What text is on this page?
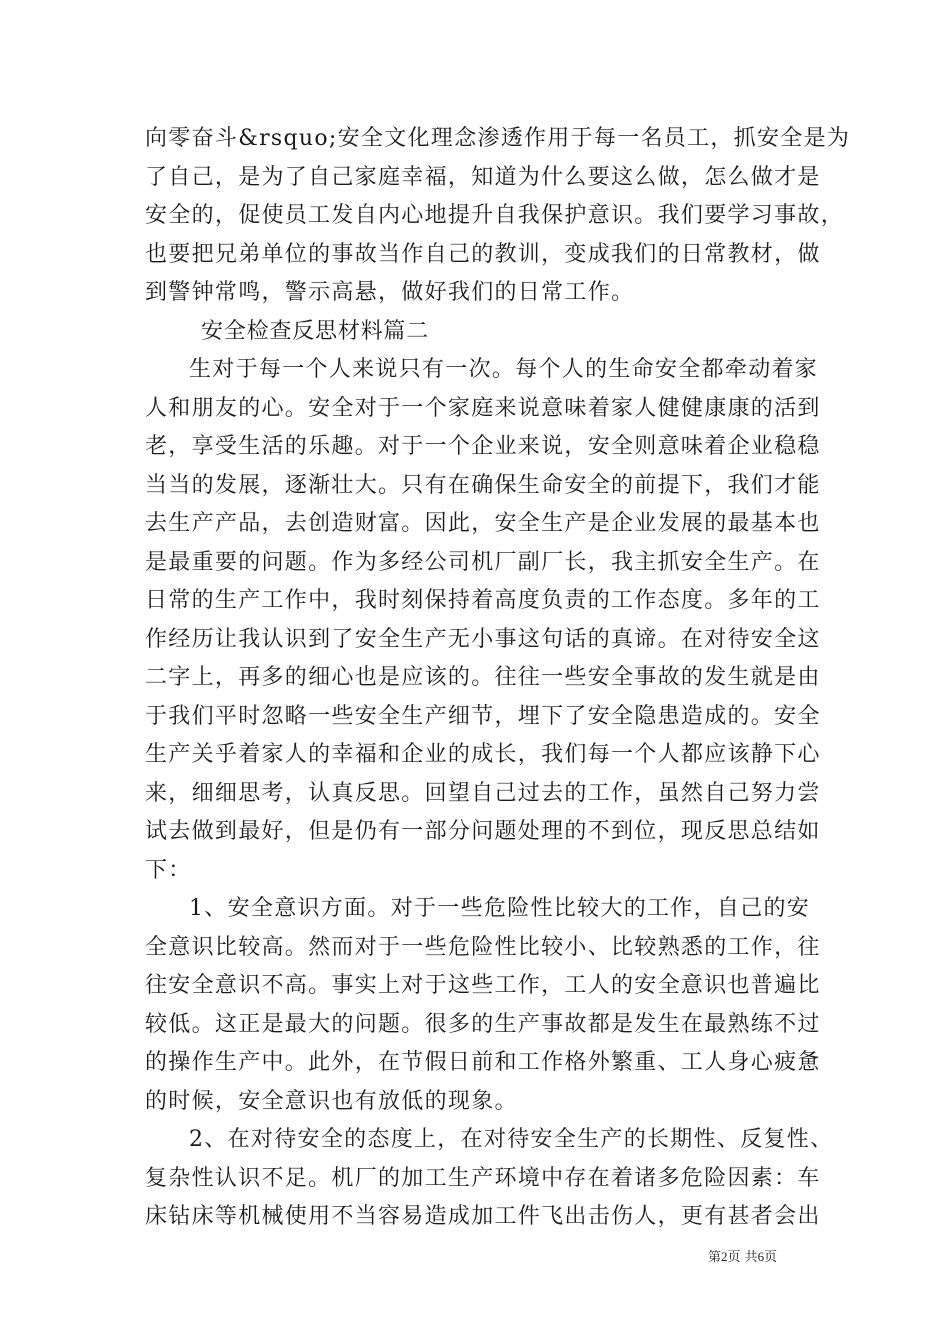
向零奋斗&rsquo;安全文化理念渗透作用于每一名员工，抓安全是为
了自己，是为了自己家庭幸福，知道为什么要这么做，怎么做才是
安全的，促使员工发自内心地提升自我保护意识。我们要学习事故，
也要把兄弟单位的事故当作自己的教训，变成我们的日常教材，做
到警钟常鸣，警示高悬，做好我们的日常工作。
安全检查反思材料篇二
生对于每一个人来说只有一次。每个人的生命安全都牵动着家
人和朋友的心。安全对于一个家庭来说意味着家人健健康康的活到
老，享受生活的乐趣。对于一个企业来说，安全则意味着企业稳稳
当当的发展，逐渐壮大。只有在确保生命安全的前提下，我们才能
去生产产品，去创造财富。因此，安全生产是企业发展的最基本也
是最重要的问题。作为多经公司机厂副厂长，我主抓安全生产。在
日常的生产工作中，我时刻保持着高度负责的工作态度。多年的工
作经历让我认识到了安全生产无小事这句话的真谛。在对待安全这
二字上，再多的细心也是应该的。往往一些安全事故的发生就是由
于我们平时忽略一些安全生产细节，埋下了安全隐患造成的。安全
生产关乎着家人的幸福和企业的成长，我们每一个人都应该静下心
来，细细思考，认真反思。回望自己过去的工作，虽然自己努力尝
试去做到最好，但是仍有一部分问题处理的不到位，现反思总结如
下：
1、安全意识方面。对于一些危险性比较大的工作，自己的安
全意识比较高。然而对于一些危险性比较小、比较熟悉的工作，往
往安全意识不高。事实上对于这些工作，工人的安全意识也普遍比
较低。这正是最大的问题。很多的生产事故都是发生在最熟练不过
的操作生产中。此外，在节假日前和工作格外繁重、工人身心疲惫
的时候，安全意识也有放低的现象。
2、在对待安全的态度上，在对待安全生产的长期性、反复性、
复杂性认识不足。机厂的加工生产环境中存在着诸多危险因素：车
床钻床等机械使用不当容易造成加工件飞出击伤人，更有甚者会出
第2页 共6页
